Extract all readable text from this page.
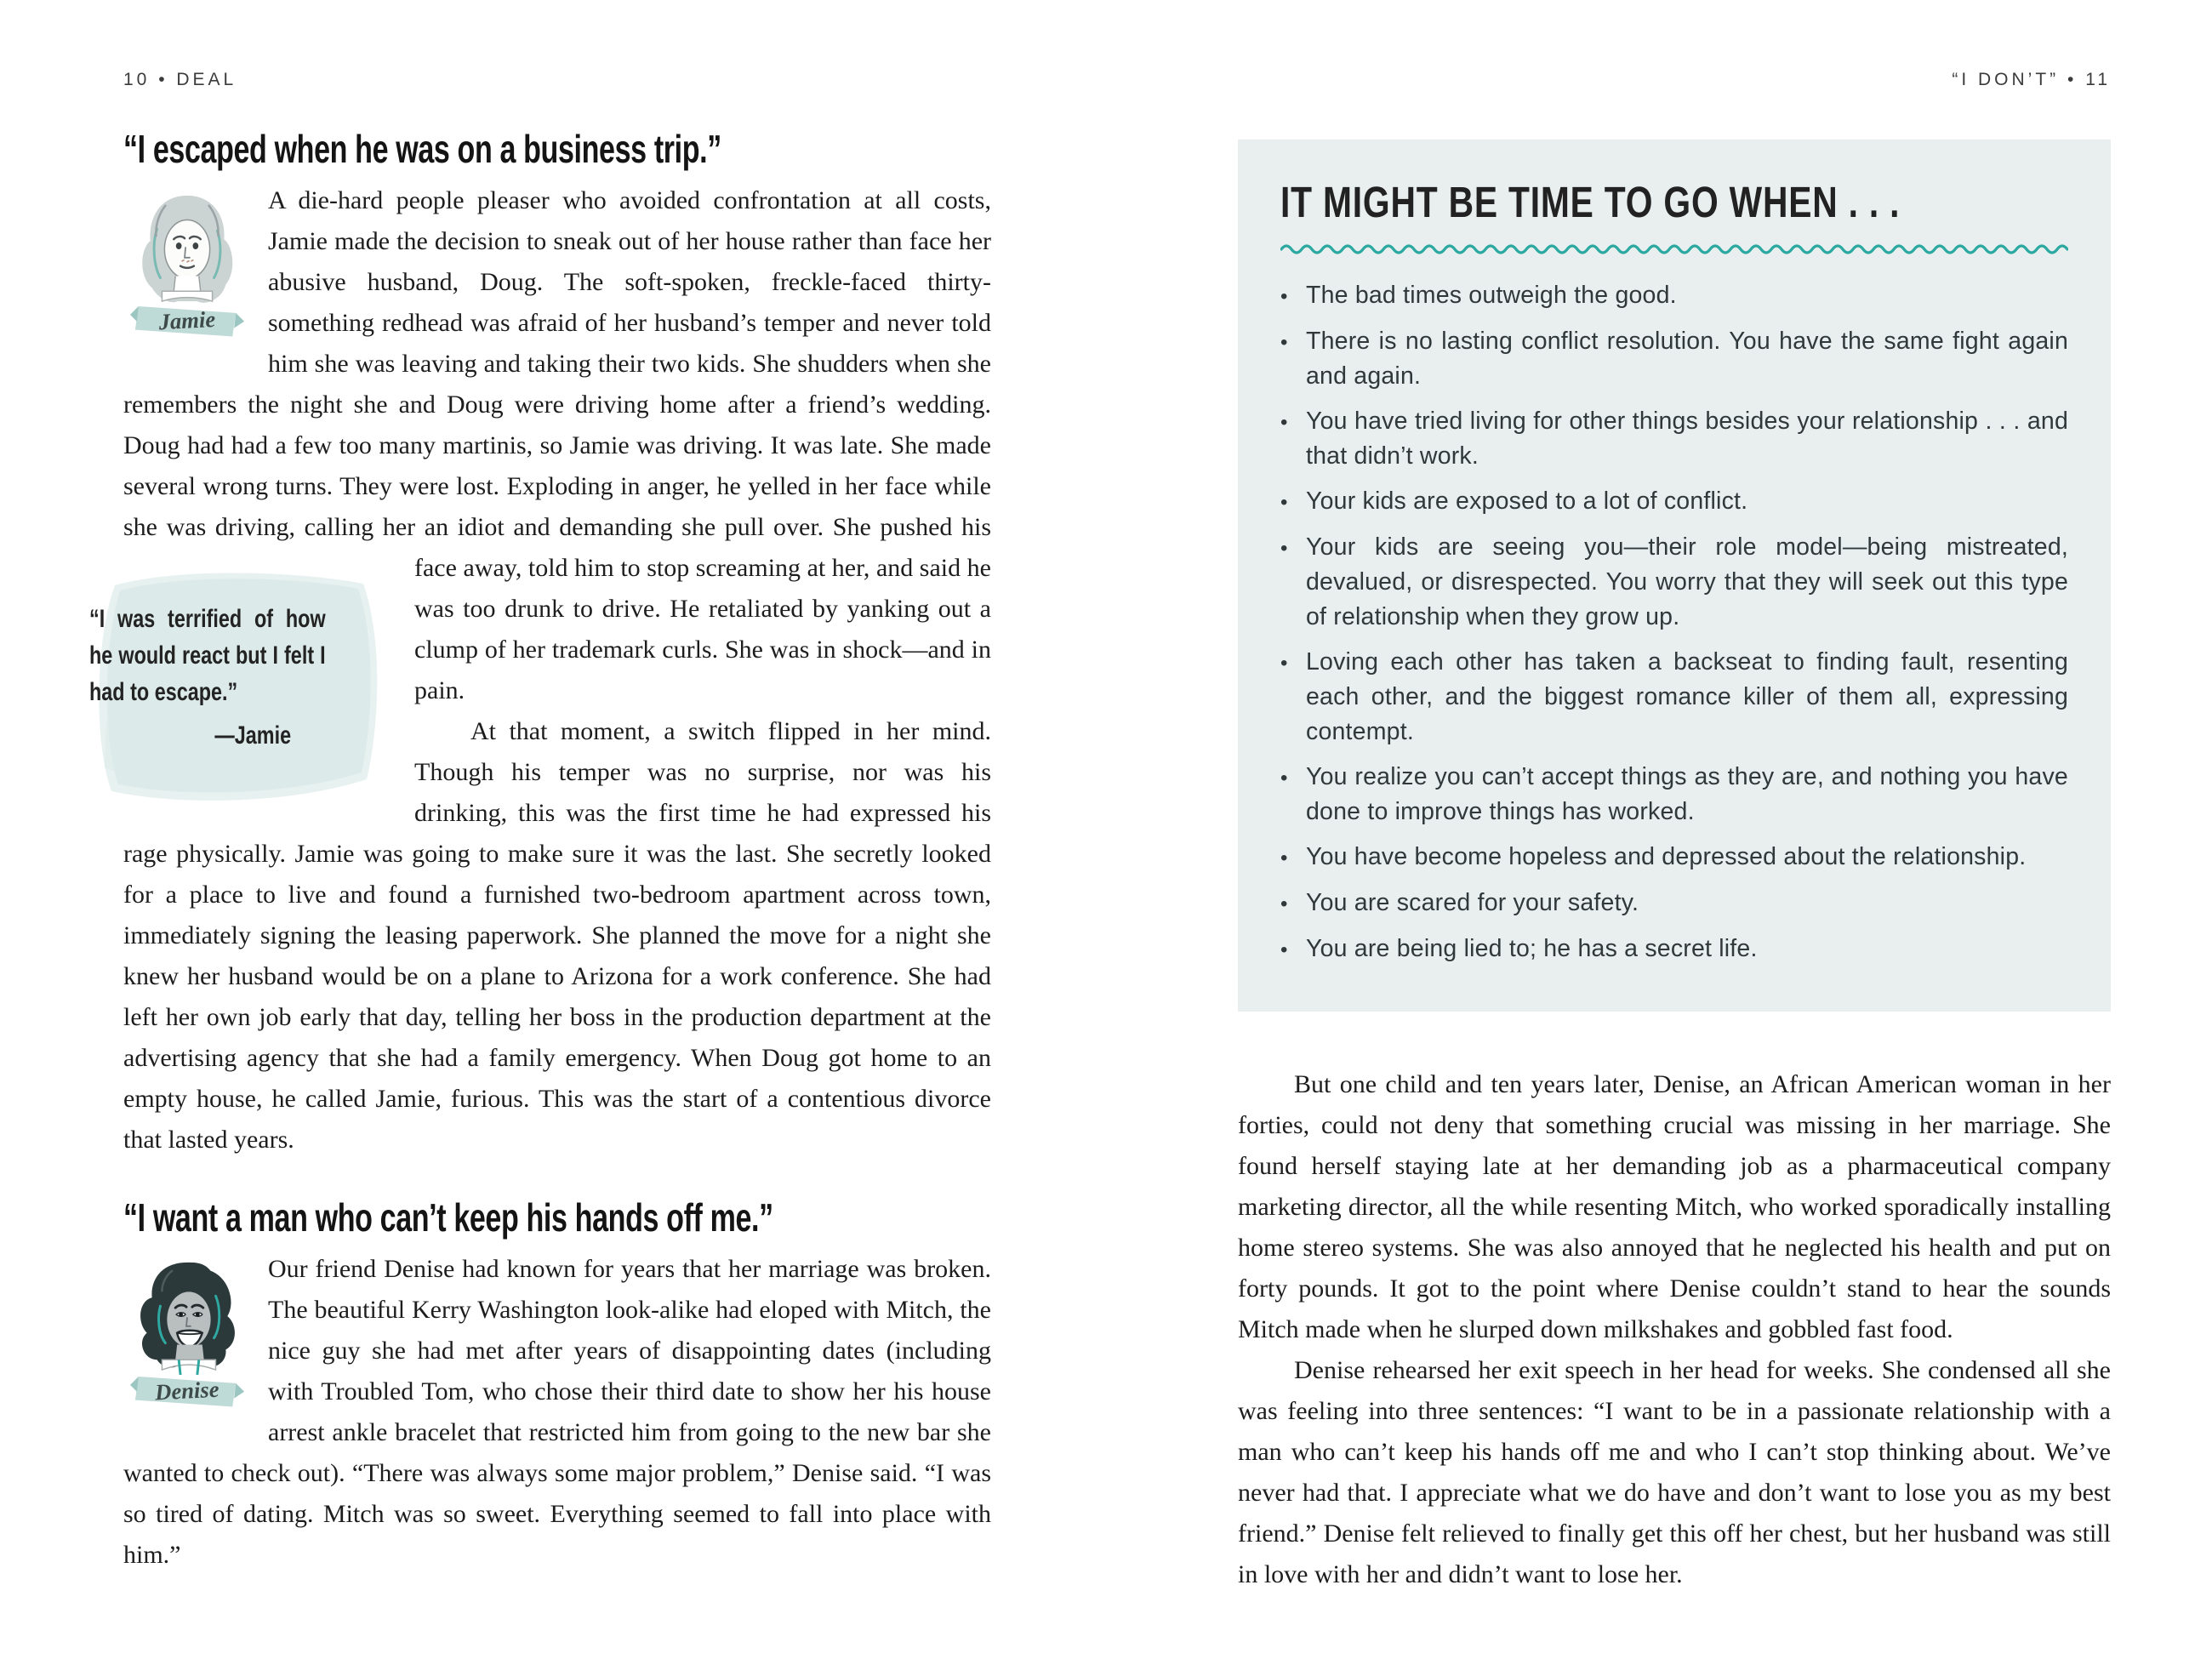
10 • DEAL
“I escaped when he was on a business trip.”

Jamie
A die-hard people pleaser who avoided confrontation at all costs, Jamie made the decision to sneak out of her house rather than face her abusive husband, Doug. The soft-spoken, freckle-faced thirty-something redhead was afraid of her husband’s temper and never told him she was leaving and taking their two kids. She shudders when she remembers the night she and Doug were driving home after a friend’s wedding. Doug had had a few too many martinis, so Jamie was driving. It was late. She made several wrong turns. They were lost. Exploding in anger, he yelled in her face while she was driving, calling her an idiot and demanding she pull over. She
“I was terrified of how he would react but I felt I had to escape.”
—Jamie
pushed his face away, told him to stop screaming at her, and said he was too drunk to drive. He retaliated by yanking out a clump of her trademark curls. She was in shock—and in pain.

At that moment, a switch flipped in her mind. Though his temper was no surprise, nor was his drinking, this was the first time he had expressed his rage physically. Jamie was going to make sure it was the last. She secretly looked for a place to live and found a furnished two-bedroom apartment across town, immediately signing the leasing paperwork. She planned the move for a night she knew her husband would be on a plane to Arizona for a work conference. She had left her own job early that day, telling her boss in the production department at the advertising agency that she had a family emergency. When Doug got home to an empty house, he called Jamie, furious. This was the start of a contentious divorce that lasted years.

“I want a man who can’t keep his hands off me.”

Denise
Our friend Denise had known for years that her marriage was broken. The beautiful Kerry Washington look-alike had eloped with Mitch, the nice guy she had met after years of disappointing dates (including with Troubled Tom, who chose their third date to show her his house arrest ankle bracelet that restricted him from going to the new bar she wanted to check out). “There was always some major problem,” Denise said. “I was so tired of dating. Mitch was so sweet. Everything seemed to fall into place with him.”

“I DON’T” • 11
IT MIGHT BE TIME TO GO WHEN . . .
• The bad times outweigh the good.
• There is no lasting conflict resolution. You have the same fight again and again.
• You have tried living for other things besides your relationship . . . and that didn’t work.
• Your kids are exposed to a lot of conflict.
• Your kids are seeing you—their role model—being mistreated, devalued, or disrespected. You worry that they will seek out this type of relationship when they grow up.
• Loving each other has taken a backseat to finding fault, resenting each other, and the biggest romance killer of them all, expressing contempt.
• You realize you can’t accept things as they are, and nothing you have done to improve things has worked.
• You have become hopeless and depressed about the relationship.
• You are scared for your safety.
• You are being lied to; he has a secret life.

But one child and ten years later, Denise, an African American woman in her forties, could not deny that something crucial was missing in her marriage. She found herself staying late at her demanding job as a pharmaceutical company marketing director, all the while resenting Mitch, who worked sporadically installing home stereo systems. She was also annoyed that he neglected his health and put on forty pounds. It got to the point where Denise couldn’t stand to hear the sounds Mitch made when he slurped down milkshakes and gobbled fast food.

Denise rehearsed her exit speech in her head for weeks. She condensed all she was feeling into three sentences: “I want to be in a passionate relationship with a man who can’t keep his hands off me and who I can’t stop thinking about. We’ve never had that. I appreciate what we do have and don’t want to lose you as my best friend.” Denise felt relieved to finally get this off her chest, but her husband was still in love with her and didn’t want to lose her.
